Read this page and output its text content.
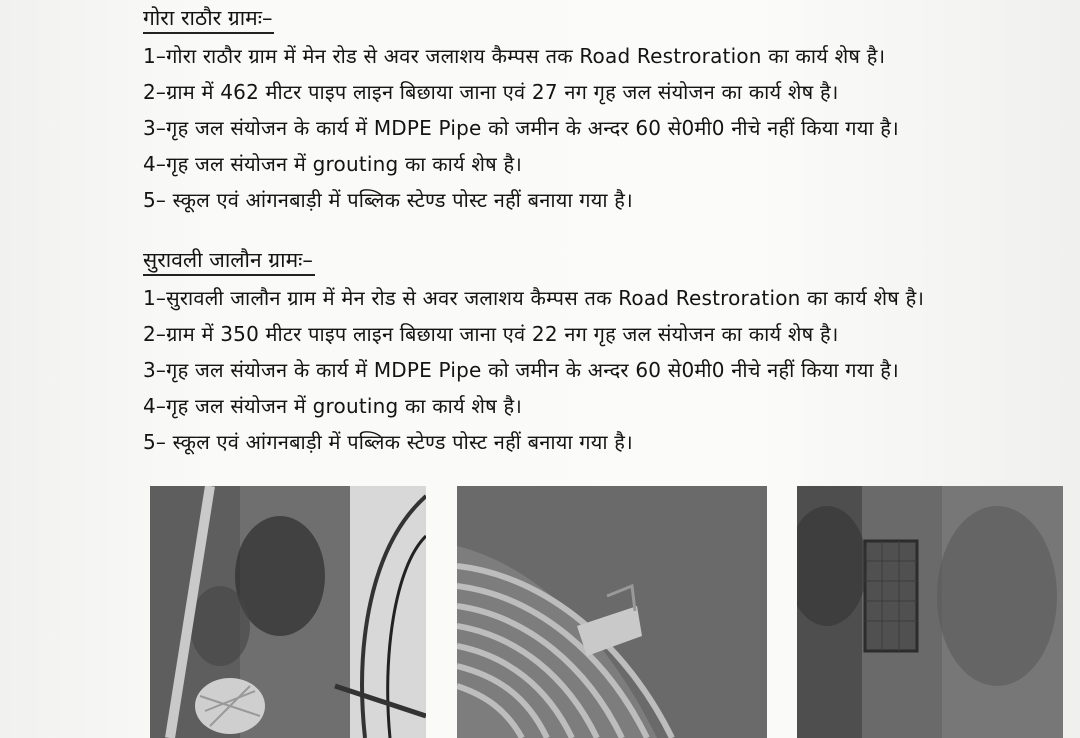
गोरा राठौर ग्रामः–
1–गोरा राठौर ग्राम में मेन रोड से अवर जलाशय कैम्पस तक Road Restroration का कार्य शेष है।
2–ग्राम में 462 मीटर पाइप लाइन बिछाया जाना एवं 27 नग गृह जल संयोजन का कार्य शेष है।
3–गृह जल संयोजन के कार्य में MDPE Pipe को जमीन के अन्दर 60 से0मी0 नीचे नहीं किया गया है।
4–गृह जल संयोजन में grouting का कार्य शेष है।
5– स्कूल एवं आंगनबाड़ी में पब्लिक स्टेण्ड पोस्ट नहीं बनाया गया है।
सुरावली जालौन ग्रामः–
1–सुरावली जालौन ग्राम में मेन रोड से अवर जलाशय कैम्पस तक Road Restroration का कार्य शेष है।
2–ग्राम में 350 मीटर पाइप लाइन बिछाया जाना एवं 22 नग गृह जल संयोजन का कार्य शेष है।
3–गृह जल संयोजन के कार्य में MDPE Pipe को जमीन के अन्दर 60 से0मी0 नीचे नहीं किया गया है।
4–गृह जल संयोजन में grouting का कार्य शेष है।
5– स्कूल एवं आंगनबाड़ी में पब्लिक स्टेण्ड पोस्ट नहीं बनाया गया है।
